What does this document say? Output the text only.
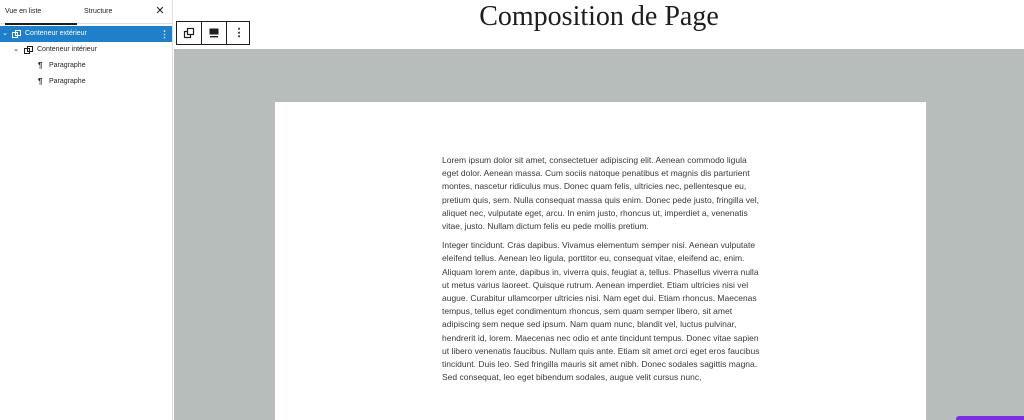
Vue en liste	Structure	✕
⌄ Conteneur extérieur	⋮
⌄	Conteneur intérieur
¶ Paragraphe
¶ Paragraphe
Composition de Page
⋮

Lorem ipsum dolor sit amet, consectetuer adipiscing elit. Aenean commodo ligula eget dolor. Aenean massa. Cum sociis natoque penatibus et magnis dis parturient montes, nascetur ridiculus mus. Donec quam felis, ultricies nec, pellentesque eu, pretium quis, sem. Nulla consequat massa quis enim. Donec pede justo, fringilla vel, aliquet nec, vulputate eget, arcu. In enim justo, rhoncus ut, imperdiet a, venenatis vitae, justo. Nullam dictum felis eu pede mollis pretium.

Integer tincidunt. Cras dapibus. Vivamus elementum semper nisi. Aenean vulputate eleifend tellus. Aenean leo ligula, porttitor eu, consequat vitae, eleifend ac, enim. Aliquam lorem ante, dapibus in, viverra quis, feugiat a, tellus. Phasellus viverra nulla ut metus varius laoreet. Quisque rutrum. Aenean imperdiet. Etiam ultricies nisi vel augue. Curabitur ullamcorper ultricies nisi. Nam eget dui. Etiam rhoncus. Maecenas tempus, tellus eget condimentum rhoncus, sem quam semper libero, sit amet adipiscing sem neque sed ipsum. Nam quam nunc, blandit vel, luctus pulvinar, hendrerit id, lorem. Maecenas nec odio et ante tincidunt tempus. Donec vitae sapien ut libero venenatis faucibus. Nullam quis ante. Etiam sit amet orci eget eros faucibus tincidunt. Duis leo. Sed fringilla mauris sit amet nibh. Donec sodales sagittis magna. Sed consequat, leo eget bibendum sodales, augue velit cursus nunc,
